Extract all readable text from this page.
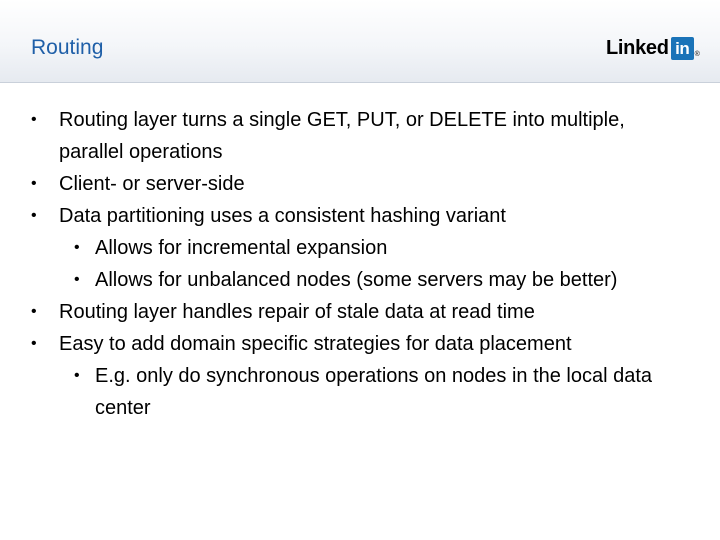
Routing	Linked in ®
• Routing layer turns a single GET, PUT, or DELETE into multiple, parallel operations
• Client- or server-side
• Data partitioning uses a consistent hashing variant
• Allows for incremental expansion
• Allows for unbalanced nodes (some servers may be better)
• Routing layer handles repair of stale data at read time
• Easy to add domain specific strategies for data placement
• E.g. only do synchronous operations on nodes in the local data center
